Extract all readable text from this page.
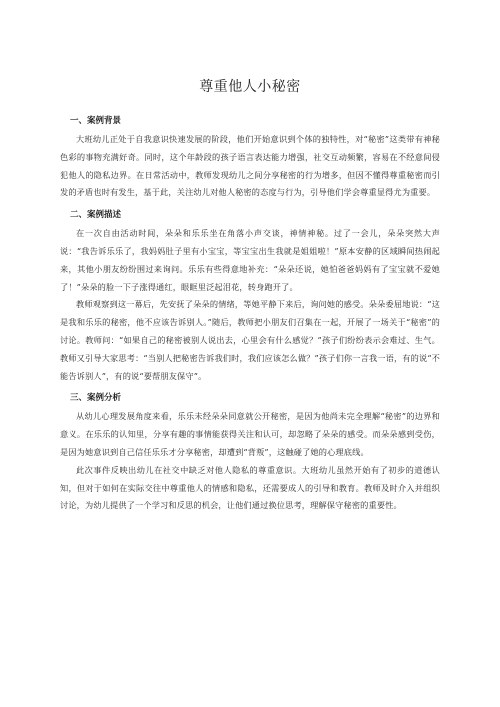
尊重他人小秘密
一、案例背景

大班幼儿正处于自我意识快速发展的阶段，他们开始意识到个体的独特性，对“秘密”这类带有神秘色彩的事物充满好奇。同时，这个年龄段的孩子语言表达能力增强，社交互动频繁，容易在不经意间侵犯他人的隐私边界。在日常活动中，教师发现幼儿之间分享秘密的行为增多，但因不懂得尊重秘密而引发的矛盾也时有发生，基于此，关注幼儿对他人秘密的态度与行为，引导他们学会尊重显得尤为重要。

二、案例描述

在一次自由活动时间，朵朵和乐乐坐在角落小声交谈，神情神秘。过了一会儿，朵朵突然大声说：“我告诉乐乐了，我妈妈肚子里有小宝宝，等宝宝出生我就是姐姐啦！”原本安静的区域瞬间热闹起来，其他小朋友纷纷围过来询问。乐乐有些得意地补充：“朵朵还说，她怕爸爸妈妈有了宝宝就不爱她了！”朵朵的脸一下子涨得通红，眼眶里泛起泪花，转身跑开了。

教师观察到这一幕后，先安抚了朵朵的情绪，等她平静下来后，询问她的感受。朵朵委屈地说：“这是我和乐乐的秘密，他不应该告诉别人。”随后，教师把小朋友们召集在一起，开展了一场关于“秘密”的讨论。教师问：“如果自己的秘密被别人说出去，心里会有什么感觉？”孩子们纷纷表示会难过、生气。教师又引导大家思考：“当别人把秘密告诉我们时，我们应该怎么做？”孩子们你一言我一语，有的说“不能告诉别人”，有的说“要帮朋友保守”。

三、案例分析

从幼儿心理发展角度来看，乐乐未经朵朵同意就公开秘密，是因为他尚未完全理解“秘密”的边界和意义。在乐乐的认知里，分享有趣的事情能获得关注和认可，却忽略了朵朵的感受。而朵朵感到受伤，是因为她意识到自己信任乐乐才分享秘密，却遭到“背叛”，这触碰了她的心理底线。

此次事件反映出幼儿在社交中缺乏对他人隐私的尊重意识。大班幼儿虽然开始有了初步的道德认知，但对于如何在实际交往中尊重他人的情感和隐私，还需要成人的引导和教育。教师及时介入并组织讨论，为幼儿提供了一个学习和反思的机会，让他们通过换位思考，理解保守秘密的重要性。
